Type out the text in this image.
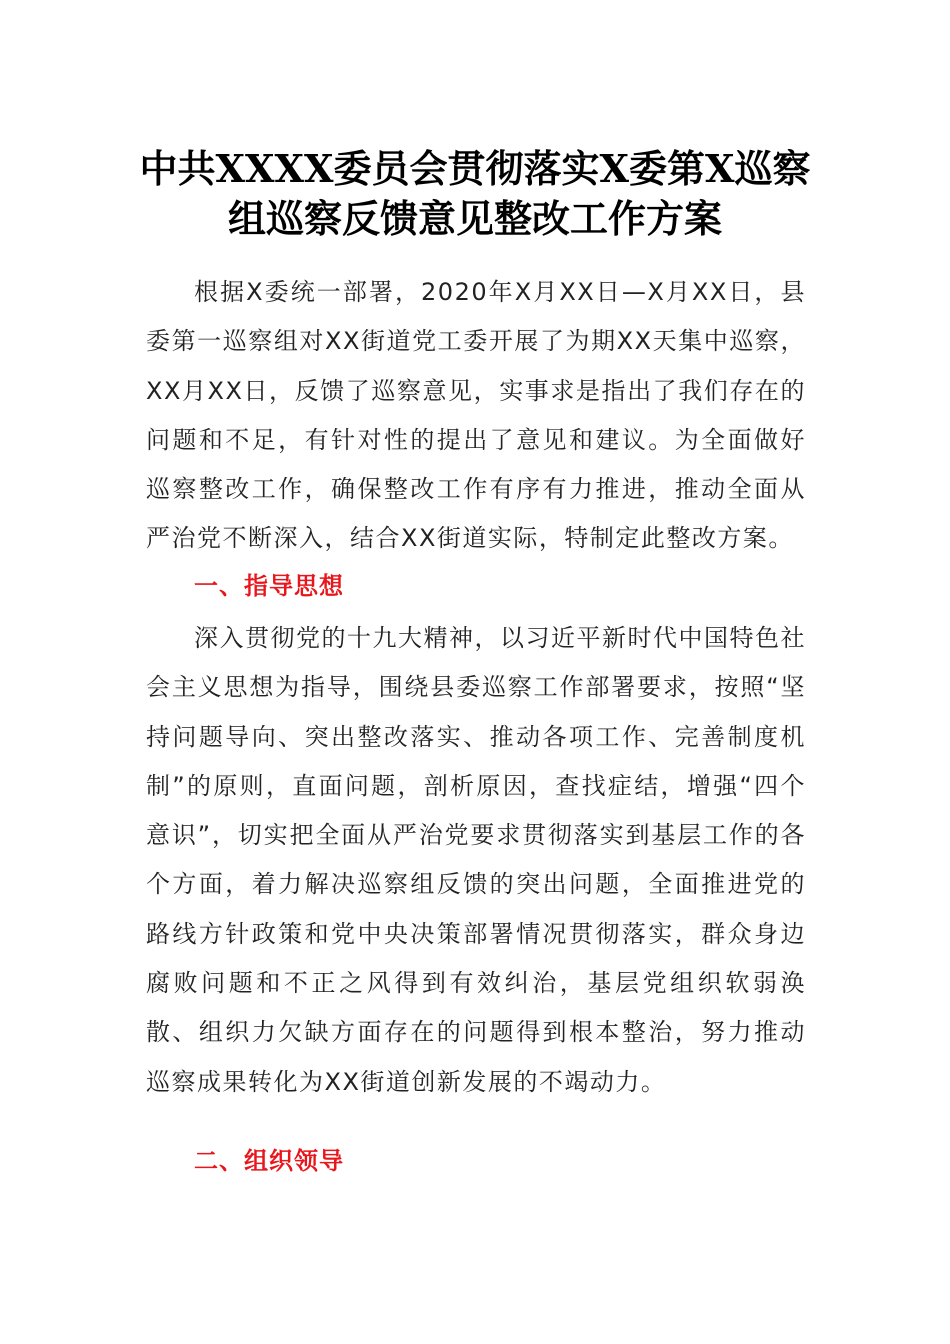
中共XXXX委员会贯彻落实X委第X巡察
组巡察反馈意见整改工作方案

根据X委统一部署，2020年X月XX日—X月XX日，县委第一巡察组对XX街道党工委开展了为期XX天集中巡察，XX月XX日，反馈了巡察意见，实事求是指出了我们存在的问题和不足，有针对性的提出了意见和建议。为全面做好巡察整改工作，确保整改工作有序有力推进，推动全面从严治党不断深入，结合XX街道实际，特制定此整改方案。

一、指导思想

深入贯彻党的十九大精神，以习近平新时代中国特色社会主义思想为指导，围绕县委巡察工作部署要求，按照“坚持问题导向、突出整改落实、推动各项工作、完善制度机制”的原则，直面问题，剖析原因，查找症结，增强“四个意识”，切实把全面从严治党要求贯彻落实到基层工作的各个方面，着力解决巡察组反馈的突出问题，全面推进党的路线方针政策和党中央决策部署情况贯彻落实，群众身边腐败问题和不正之风得到有效纠治，基层党组织软弱涣散、组织力欠缺方面存在的问题得到根本整治，努力推动巡察成果转化为XX街道创新发展的不竭动力。

二、组织领导
